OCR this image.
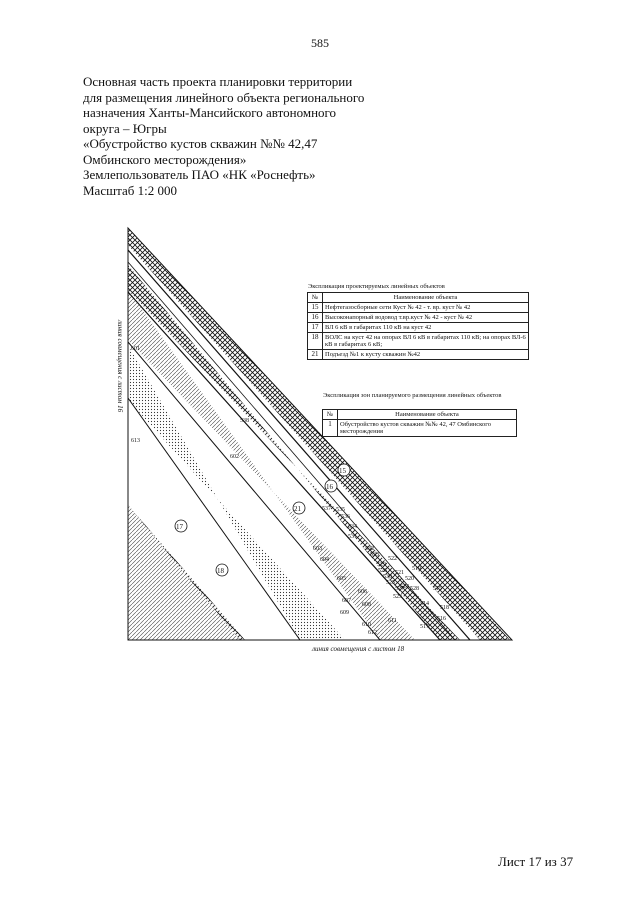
585
Основная часть проекта планировки территории
для размещения линейного объекта регионального
назначения Ханты-Мансийского автономного
округа – Югры
«Обустройство кустов скважин №№ 42,47
Омбинского месторождения»
Землепользователь ПАО «НК «Роснефть»
Масштаб 1:2 000
601
602
603
604
605
606
607
608
609
610
611
612
613
514
515
516
517
518
519
520
521
522
523
524
525
526
527 528
529
530
531
532
533
534
535
536
537
538
15
16
21
17
18
линия совмещения с листом 16
линия совмещения с листом 18
Экспликация проектируемых линейных объектов
№	Наименование объекта
15	Нефтегазосборные сети Куст № 42 - т. вр. куст № 42
16	Высоконапорный водовод т.вр.куст № 42 - куст № 42
17	ВЛ 6 кВ в габаритах 110 кВ на куст 42
18	ВОЛС на куст 42 на опорах ВЛ 6 кВ в габаритах 110 кВ; на опорах ВЛ-6 кВ в габаритах 6 кВ;
21	Подъезд №1 к кусту скважин №42
Экспликация зон планируемого размещения линейных объектов
№	Наименование объекта
1	Обустройство кустов скважин №№ 42, 47 Омбинского месторождения
Лист 17 из 37
